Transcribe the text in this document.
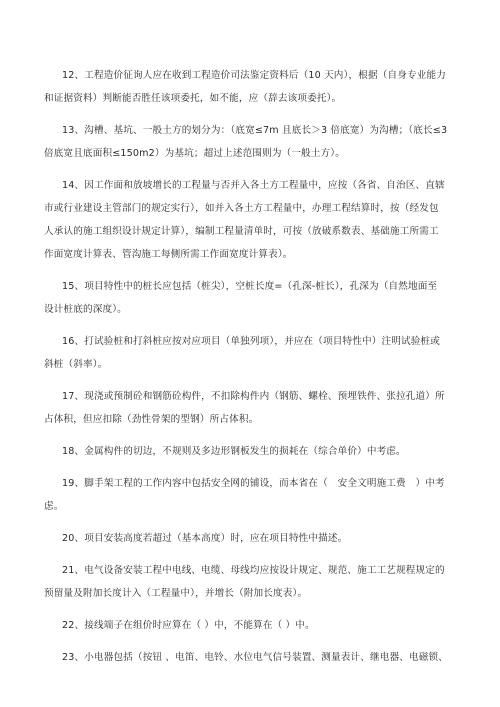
12、工程造价征询人应在收到工程造价司法鉴定资料后（10 天内），根据（自身专业能力
和证据资料）判断能否胜任该项委托，如不能，应（辞去该项委托）。
13、沟槽、基坑、一般土方的划分为：（底宽≤7m 且底长＞3 倍底宽）为沟槽；（底长≤3
倍底宽且底面积≤150m2）为基坑；超过上述范围则为（一般土方）。
14、因工作面和放坡增长的工程量与否并入各土方工程量中，应按（各省、自治区、直辖
市或行业建设主管部门的规定实行），如并入各土方工程量中，办理工程结算时，按（经发包
人承认的施工组织设计规定计算），编制工程量清单时，可按（放破系数表、基础施工所需工
作面宽度计算表、管沟施工每侧所需工作面宽度计算表）。
15、项目特性中的桩长应包括（桩尖），空桩长度=（孔深-桩长），孔深为（自然地面至
设计桩底的深度）。
16、打试验桩和打斜桩应按对应项目（单独列项），并应在（项目特性中）注明试验桩或
斜桩（斜率）。
17、现浇或预制砼和钢筋砼构件，不扣除构件内（钢筋、螺栓、预埋铁件、张拉孔道）所
占体积，但应扣除（劲性骨架的型钢）所占体积。
18、金属构件的切边，不规则及多边形钢板发生的损耗在（综合单价）中考虑。
19、脚手架工程的工作内容中包括安全网的铺设，而本省在（　安全文明施工费　）中考
虑。
20、项目安装高度若超过（基本高度）时，应在项目特性中描述。
21、电气设备安装工程中电线、电缆、母线均应按设计规定、规范、施工工艺规程规定的
预留量及附加长度计入（工程量中），并增长（附加长度表）。
22、接线端子在组价时应算在（ ）中，不能算在（ ）中。
23、小电器包括（按钮 、电笛、电铃、水位电气信号装置、测量表计、继电器、电磁锁、
